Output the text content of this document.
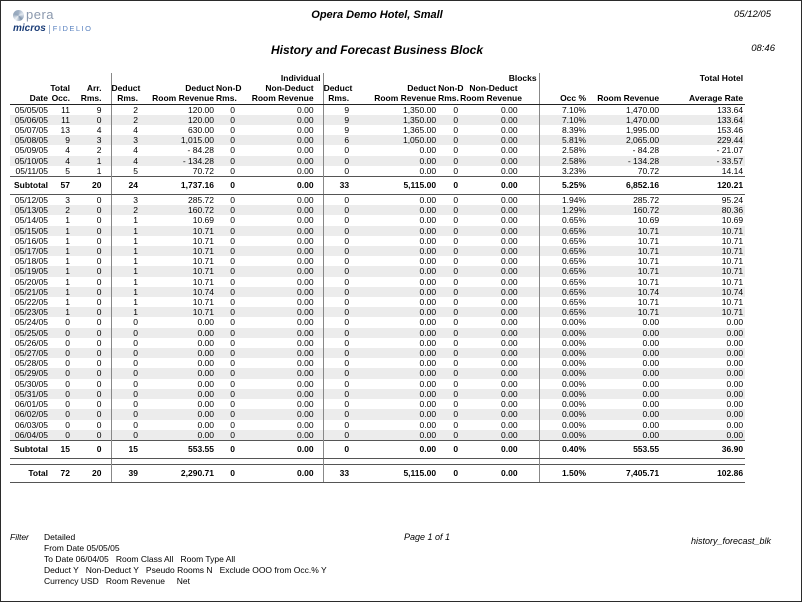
pera
micros FIDELIO
Opera Demo Hotel, Small	05/12/05
History and Forecast Business Block	08:46
			Individual				Blocks				Total Hotel		
	Total	Arr.	Deduct	Deduct	Non-D	Non-Deduct	Deduct	Deduct	Non-D	Non-Deduct			
Date	Occ.	Rms.	Rms.	Room Revenue	Rms.	Room Revenue	Rms.	Room Revenue	Rms.	Room Revenue	Occ %	Room Revenue	Average Rate
05/05/05	11	9	2	120.00	0	0.00	9	1,350.00	0	0.00	7.10%	1,470.00	133.64
05/06/05	11	0	2	120.00	0	0.00	9	1,350.00	0	0.00	7.10%	1,470.00	133.64
05/07/05	13	4	4	630.00	0	0.00	9	1,365.00	0	0.00	8.39%	1,995.00	153.46
05/08/05	9	3	3	1,015.00	0	0.00	6	1,050.00	0	0.00	5.81%	2,065.00	229.44
05/09/05	4	2	4	- 84.28	0	0.00	0	0.00	0	0.00	2.58%	- 84.28	- 21.07
05/10/05	4	1	4	- 134.28	0	0.00	0	0.00	0	0.00	2.58%	- 134.28	- 33.57
05/11/05	5	1	5	70.72	0	0.00	0	0.00	0	0.00	3.23%	70.72	14.14
Subtotal	57	20	24	1,737.16	0	0.00	33	5,115.00	0	0.00	5.25%	6,852.16	120.21
05/12/05	3	0	3	285.72	0	0.00	0	0.00	0	0.00	1.94%	285.72	95.24
05/13/05	2	0	2	160.72	0	0.00	0	0.00	0	0.00	1.29%	160.72	80.36
05/14/05	1	0	1	10.69	0	0.00	0	0.00	0	0.00	0.65%	10.69	10.69
05/15/05	1	0	1	10.71	0	0.00	0	0.00	0	0.00	0.65%	10.71	10.71
05/16/05	1	0	1	10.71	0	0.00	0	0.00	0	0.00	0.65%	10.71	10.71
05/17/05	1	0	1	10.71	0	0.00	0	0.00	0	0.00	0.65%	10.71	10.71
05/18/05	1	0	1	10.71	0	0.00	0	0.00	0	0.00	0.65%	10.71	10.71
05/19/05	1	0	1	10.71	0	0.00	0	0.00	0	0.00	0.65%	10.71	10.71
05/20/05	1	0	1	10.71	0	0.00	0	0.00	0	0.00	0.65%	10.71	10.71
05/21/05	1	0	1	10.74	0	0.00	0	0.00	0	0.00	0.65%	10.74	10.74
05/22/05	1	0	1	10.71	0	0.00	0	0.00	0	0.00	0.65%	10.71	10.71
05/23/05	1	0	1	10.71	0	0.00	0	0.00	0	0.00	0.65%	10.71	10.71
05/24/05	0	0	0	0.00	0	0.00	0	0.00	0	0.00	0.00%	0.00	0.00
05/25/05	0	0	0	0.00	0	0.00	0	0.00	0	0.00	0.00%	0.00	0.00
05/26/05	0	0	0	0.00	0	0.00	0	0.00	0	0.00	0.00%	0.00	0.00
05/27/05	0	0	0	0.00	0	0.00	0	0.00	0	0.00	0.00%	0.00	0.00
05/28/05	0	0	0	0.00	0	0.00	0	0.00	0	0.00	0.00%	0.00	0.00
05/29/05	0	0	0	0.00	0	0.00	0	0.00	0	0.00	0.00%	0.00	0.00
05/30/05	0	0	0	0.00	0	0.00	0	0.00	0	0.00	0.00%	0.00	0.00
05/31/05	0	0	0	0.00	0	0.00	0	0.00	0	0.00	0.00%	0.00	0.00
06/01/05	0	0	0	0.00	0	0.00	0	0.00	0	0.00	0.00%	0.00	0.00
06/02/05	0	0	0	0.00	0	0.00	0	0.00	0	0.00	0.00%	0.00	0.00
06/03/05	0	0	0	0.00	0	0.00	0	0.00	0	0.00	0.00%	0.00	0.00
06/04/05	0	0	0	0.00	0	0.00	0	0.00	0	0.00	0.00%	0.00	0.00
Subtotal	15	0	15	553.55	0	0.00	0	0.00	0	0.00	0.40%	553.55	36.90

Total	72	20	39	2,290.71	0	0.00	33	5,115.00	0	0.00	1.50%	7,405.71	102.86
Filter Detailed
From Date 05/05/05
To Date 06/04/05   Room Class All   Room Type All
Deduct Y   Non-Deduct Y   Pseudo Rooms N   Exclude OOO from Occ.% Y
Currency USD   Room Revenue     Net
Page 1 of 1	history_forecast_blk
